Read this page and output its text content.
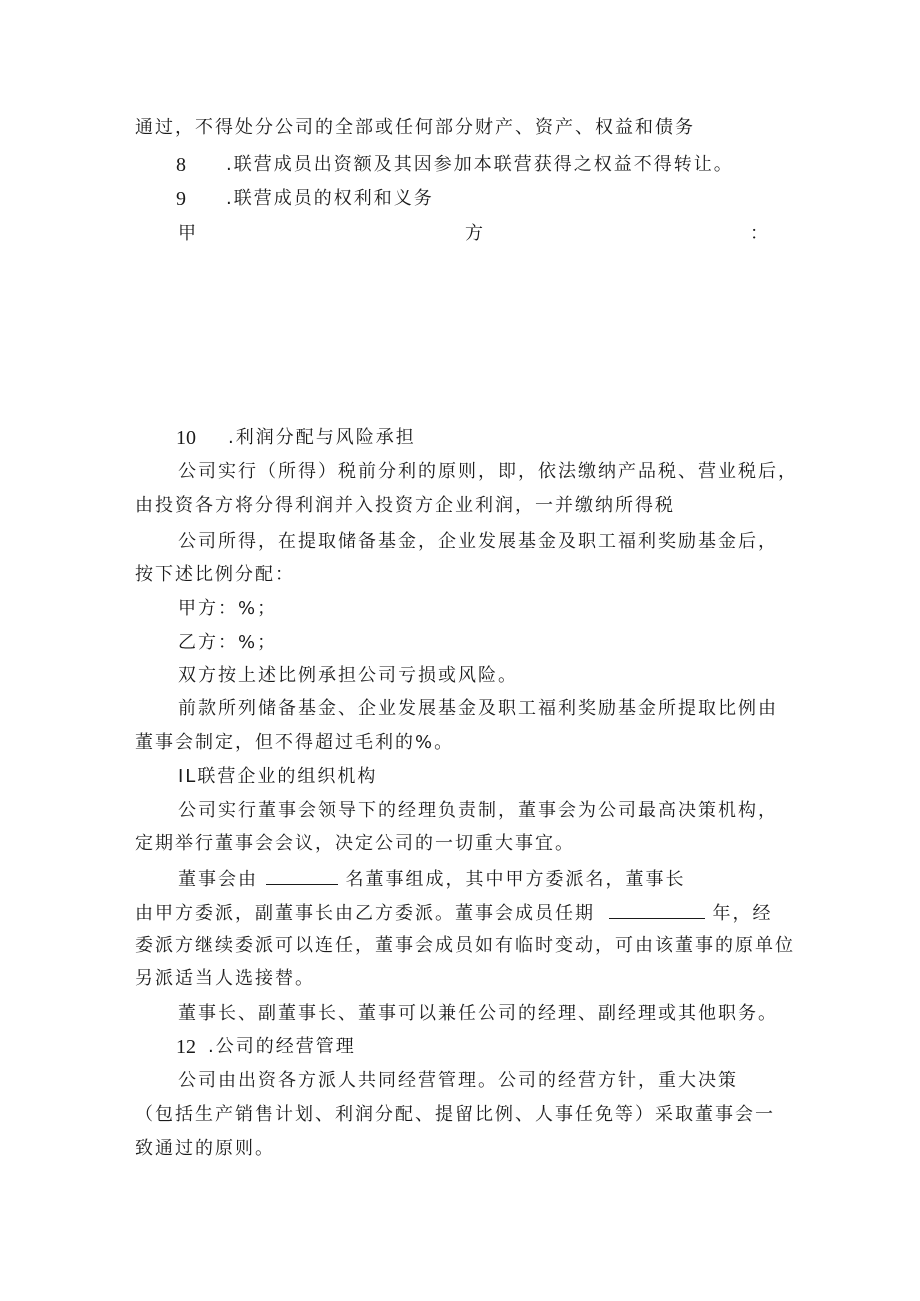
通过，不得处分公司的全部或任何部分财产、资产、权益和债务
8 .联营成员出资额及其因参加本联营获得之权益不得转让。
9 .联营成员的权利和义务
甲	方	：
10 .利润分配与风险承担
公司实行（所得）税前分利的原则，即，依法缴纳产品税、营业税后，
由投资各方将分得利润并入投资方企业利润，一并缴纳所得税
公司所得，在提取储备基金，企业发展基金及职工福利奖励基金后，
按下述比例分配：
甲方：%；
乙方：%；
双方按上述比例承担公司亏损或风险。
前款所列储备基金、企业发展基金及职工福利奖励基金所提取比例由
董事会制定，但不得超过毛利的%。
IL联营企业的组织机构
公司实行董事会领导下的经理负责制，董事会为公司最高决策机构，
定期举行董事会会议，决定公司的一切重大事宜。
董事会由	名董事组成，其中甲方委派名，董事长
由甲方委派，副董事长由乙方委派。董事会成员任期	年，经
委派方继续委派可以连任，董事会成员如有临时变动，可由该董事的原单位
另派适当人选接替。
董事长、副董事长、董事可以兼任公司的经理、副经理或其他职务。
12 .公司的经营管理
公司由出资各方派人共同经营管理。公司的经营方针，重大决策
（包括生产销售计划、利润分配、提留比例、人事任免等）采取董事会一
致通过的原则。
